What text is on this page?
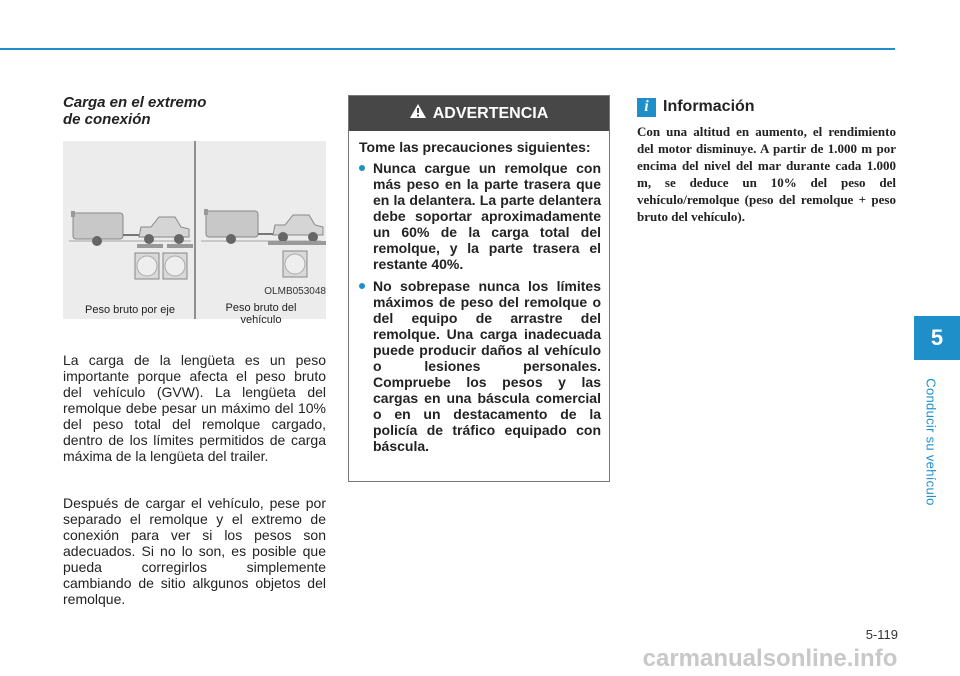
5
Conducir su vehículo
Carga en el extremo
de conexión
Peso bruto por eje	Peso bruto del
vehículo
OLMB053048

La carga de la lengüeta es un peso importante porque afecta el peso bruto del vehículo (GVW). La lengüeta del remolque debe pesar un máximo del 10% del peso total del remolque cargado, dentro de los límites permitidos de carga máxima de la lengüeta del trailer.

Después de cargar el vehículo, pese por separado el remolque y el extremo de conexión para ver si los pesos son adecuados. Si no lo son, es posible que pueda corregirlos simplemente cambiando de sitio alkgunos objetos del remolque.

ADVERTENCIA

Tome las precauciones siguientes:

Nunca cargue un remolque con más peso en la parte trasera que en la delantera. La parte delantera debe soportar aproximadamente un 60% de la carga total del remolque, y la parte trasera el restante 40%.
No sobrepase nunca los límites máximos de peso del remolque o del equipo de arrastre del remolque. Una carga inadecuada puede producir daños al vehículo o lesiones personales. Compruebe los pesos y las cargas en una báscula comercial o en un destacamento de la policía de tráfico equipado con báscula.
i Información
Con una altitud en aumento, el rendimiento del motor disminuye. A partir de 1.000 m por encima del nivel del mar durante cada 1.000 m, se deduce un 10% del peso del vehículo/remolque (peso del remolque + peso bruto del vehículo).
5-119
carmanualsonline.info
